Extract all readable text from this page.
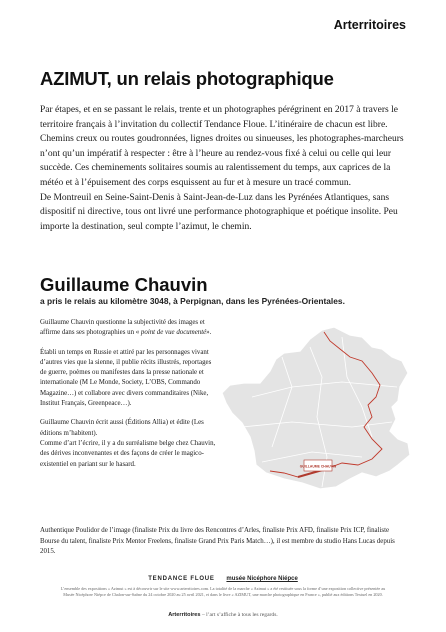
Arterritoires
AZIMUT, un relais photographique

Par étapes, et en se passant le relais, trente et un photographes pérégrinent en 2017 à travers le territoire français à l’invitation du collectif Tendance Floue. L’itinéraire de chacun est libre. Chemins creux ou routes goudronnées, lignes droites ou sinueuses, les photographes-marcheurs n’ont qu’un impératif à respecter : être à l’heure au rendez-vous fixé à celui ou celle qui leur succède. Ces cheminements solitaires soumis au ralentissement du temps, aux caprices de la météo et à l’épuisement des corps esquissent au fur et à mesure un tracé commun.

De Montreuil en Seine-Saint-Denis à Saint-Jean-de-Luz dans les Pyrénées Atlantiques, sans dispositif ni directive, tous ont livré une performance photographique et poétique insolite. Peu importe la destination, seul compte l’azimut, le chemin.

Guillaume Chauvin

a pris le relais au kilomètre 3048, à Perpignan, dans les Pyrénées-Orientales.

Guillaume Chauvin questionne la subjectivité des images et affirme dans ses photographies un « point de vue documenté».

Établi un temps en Russie et attiré par les personnages vivant d’autres vies que la sienne, il publie récits illustrés, reportages de guerre, poèmes ou manifestes dans la presse nationale et internationale (M Le Monde, Society, L’OBS, Commando Magazine…) et collabore avec divers commanditaires (Nike, Institut Français, Greenpeace…).

Guillaume Chauvin écrit aussi (Éditions Allia) et édite (Les éditions m’habitent).
Comme d’art l’écrire, il y a du surréalisme belge chez Chauvin, des dérives inconvenantes et des façons de créer le magico-existentiel en pariant sur le hasard.	GUILLAUME CHAUVIN

Authentique Poulidor de l’image (finaliste Prix du livre des Rencontres d’Arles, finaliste Prix AFD, finaliste Prix ICP, finaliste Bourse du talent, finaliste Prix Mentor Freelens, finaliste Grand Prix Paris Match…), il est membre du studio Hans Lucas depuis 2015.

TENDANCE FLOUE musée Nicéphore Niépce

L’ensemble des expositions « Azimut » est à découvrir sur le site www.arterritoires.com. La totalité de la marche « Azimut » a été restituée sous la forme d’une exposition collective présentée au Musée Nicéphore Niépce de Chalon-sur-Saône du 24 octobre 2020 au 25 avril 2021, et dans le livre « AZIMUT, une marche photographique en France », publié aux éditions Textuel en 2020.

Arterritoires – l’art s’affiche à tous les regards.
